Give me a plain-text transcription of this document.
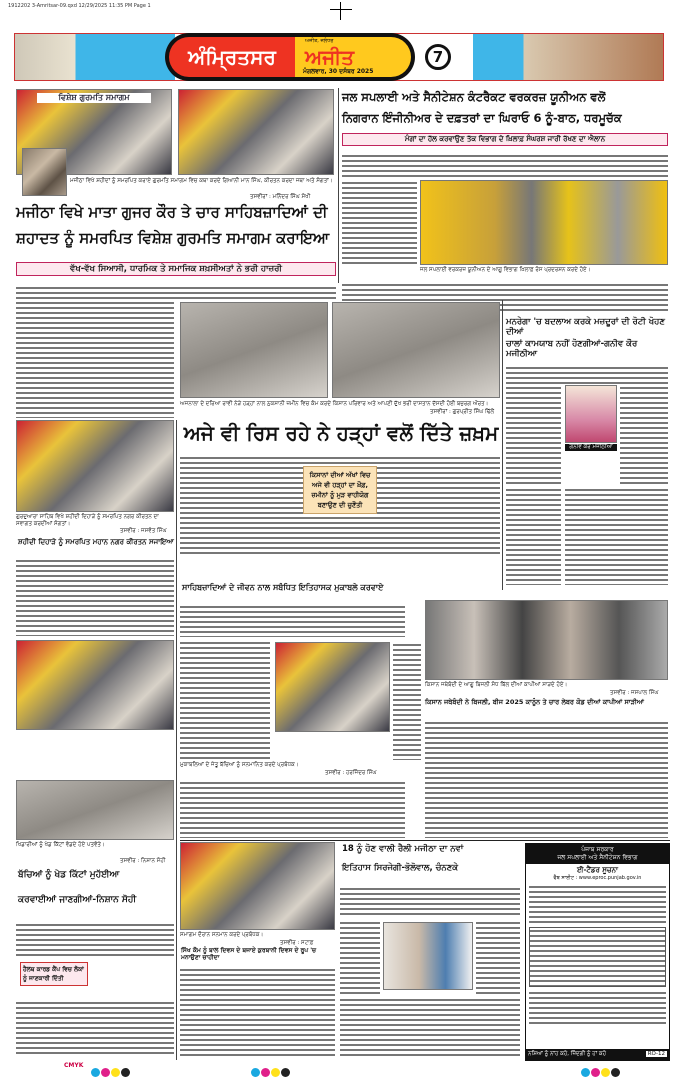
1912202 3-Amritsar-09.qxd 12/29/2025 11:35 PM Page 1
ਅੰਮ੍ਰਿਤਸਰ
ਅਜੀਤ, ਜਲੰਧਰ
ਅਜੀਤ
ਮੰਗਲਵਾਰ, 30 ਦਸੰਬਰ 2025
7
ਵਿਸ਼ੇਸ਼ ਗੁਰਮਤਿ ਸਮਾਗਮ
ਮਜੀਠਾ ਵਿਖੇ ਸ਼ਹੀਦਾਂ ਨੂੰ ਸਮਰਪਿਤ ਕਰਾਏ ਗੁਰਮਤਿ ਸਮਾਗਮ ਵਿਚ ਕਥਾ ਕਰਦੇ ਗਿਆਨੀ ਮਾਨ ਸਿੰਘ, ਕੀਰਤਨ ਕਰਦਾ ਜਥਾ ਅਤੇ ਸੰਗਤਾਂ।
ਤਸਵੀਰਾਂ : ਮਨਿੰਦਰ ਸਿੰਘ ਸੋਖੀ
ਮਜੀਠਾ ਵਿਖੇ ਮਾਤਾ ਗੁਜਰ ਕੌਰ ਤੇ ਚਾਰ ਸਾਹਿਬਜ਼ਾਦਿਆਂ ਦੀ
ਸ਼ਹਾਦਤ ਨੂੰ ਸਮਰਪਿਤ ਵਿਸ਼ੇਸ਼ ਗੁਰਮਤਿ ਸਮਾਗਮ ਕਰਾਇਆ
ਵੱਖ-ਵੱਖ ਸਿਆਸੀ, ਧਾਰਮਿਕ ਤੇ ਸਮਾਜਿਕ ਸ਼ਖ਼ਸੀਅਤਾਂ ਨੇ ਭਰੀ ਹਾਜ਼ਰੀ
ਜਲ ਸਪਲਾਈ ਅਤੇ ਸੈਨੀਟੇਸ਼ਨ ਕੰਟਰੈਕਟ ਵਰਕਰਜ਼ ਯੂਨੀਅਨ ਵਲੋਂ
ਨਿਗਰਾਨ ਇੰਜੀਨੀਅਰ ਦੇ ਦਫ਼ਤਰਾਂ ਦਾ ਘਿਰਾਓ 6 ਨੂੰ-ਬਾਠ, ਧਰਮੂਚੱਕ
ਮੰਗਾਂ ਦਾ ਹੱਲ ਕਰਵਾਉਣ ਤੱਕ ਵਿਭਾਗ ਦੇ ਖ਼ਿਲਾਫ਼ ਸੰਘਰਸ਼ ਜਾਰੀ ਰੱਖਣ ਦਾ ਐਲਾਨ
ਜਲ ਸਪਲਾਈ ਵਰਕਰਜ਼ ਯੂਨੀਅਨ ਦੇ ਆਗੂ ਵਿਭਾਗ ਖ਼ਿਲਾਫ਼ ਰੋਸ ਪ੍ਰਦਰਸ਼ਨ ਕਰਦੇ ਹੋਏ।
ਅਜਨਾਲਾ ਦੇ ਦਰਿਆ ਰਾਵੀ ਨੇੜੇ ਹੜ੍ਹਾਂ ਨਾਲ ਨੁਕਸਾਨੀ ਜ਼ਮੀਨ ਵਿਚ ਕੰਮ ਕਰਦੇ ਕਿਸਾਨ ਪਰਿਵਾਰ ਅਤੇ ਆਪਣੀ ਦੁੱਖ ਭਰੀ ਦਾਸਤਾਨ ਦੱਸਦੀ ਹੋਈ ਬਜ਼ੁਰਗ ਔਰਤ।
ਤਸਵੀਰਾਂ : ਗੁਰਪ੍ਰੀਤ ਸਿੰਘ ਢਿੱਲੋਂ
ਅਜੇ ਵੀ ਰਿਸ ਰਹੇ ਨੇ ਹੜ੍ਹਾਂ ਵਲੋਂ ਦਿੱਤੇ ਜ਼ਖ਼ਮ
ਕਿਸਾਨਾਂ ਦੀਆਂ ਅੱਖਾਂ ਵਿਚ ਅਜੇ ਵੀ ਹੜ੍ਹਾਂ ਦਾ ਖ਼ੌਫ਼, ਜ਼ਮੀਨਾਂ ਨੂੰ ਮੁੜ ਵਾਹੀਯੋਗ ਬਣਾਉਣ ਦੀ ਚੁਣੌਤੀ
ਮਨਰੇਗਾ 'ਚ ਬਦਲਾਅ ਕਰਕੇ ਮਜ਼ਦੂਰਾਂ ਦੀ ਰੋਟੀ ਖੋਹਣ ਦੀਆਂ
ਚਾਲਾਂ ਕਾਮਯਾਬ ਨਹੀਂ ਹੋਣਗੀਆਂ-ਗਨੀਵ ਕੌਰ ਮਜੀਠੀਆ
ਗਨੀਵ ਕੌਰ ਮਜੀਠੀਆ
ਗੁਰਦੁਆਰਾ ਸਾਹਿਬ ਵਿਖੇ ਸ਼ਹੀਦੀ ਦਿਹਾੜੇ ਨੂੰ ਸਮਰਪਿਤ ਨਗਰ ਕੀਰਤਨ ਦਾ ਸਵਾਗਤ ਕਰਦੀਆਂ ਸੰਗਤਾਂ।
ਤਸਵੀਰ : ਜਸਵੰਤ ਸਿੰਘ
ਸ਼ਹੀਦੀ ਦਿਹਾੜੇ ਨੂੰ ਸਮਰਪਿਤ ਮਹਾਨ ਨਗਰ ਕੀਰਤਨ ਸਜਾਇਆ
ਸਾਹਿਬਜ਼ਾਦਿਆਂ ਦੇ ਜੀਵਨ ਨਾਲ ਸਬੰਧਿਤ ਇਤਿਹਾਸਕ ਮੁਕਾਬਲੇ ਕਰਵਾਏ
ਮੁਕਾਬਲਿਆਂ ਦੇ ਜੇਤੂ ਬੱਚਿਆਂ ਨੂੰ ਸਨਮਾਨਿਤ ਕਰਦੇ ਪ੍ਰਬੰਧਕ।
ਤਸਵੀਰ : ਹਰਜਿੰਦਰ ਸਿੰਘ
ਕਿਸਾਨ ਜਥੇਬੰਦੀ ਦੇ ਆਗੂ ਬਿਜਲੀ ਸੋਧ ਬਿੱਲ ਦੀਆਂ ਕਾਪੀਆਂ ਸਾੜਦੇ ਹੋਏ।
ਤਸਵੀਰ : ਜਸਪਾਲ ਸਿੰਘ
ਕਿਸਾਨ ਜਥੇਬੰਦੀ ਨੇ ਬਿਜਲੀ, ਬੀਜ 2025 ਕਾਨੂੰਨ ਤੇ ਚਾਰ ਲੇਬਰ ਕੋਡ ਦੀਆਂ ਕਾਪੀਆਂ ਸਾੜੀਆਂ
ਖਿਡਾਰੀਆਂ ਨੂੰ ਖੇਡ ਕਿੱਟਾਂ ਵੰਡਦੇ ਹੋਏ ਪਤਵੰਤੇ।
ਤਸਵੀਰ : ਨਿਸ਼ਾਨ ਸੋਹੀ
ਬੱਚਿਆਂ ਨੂੰ ਖੇਡ ਕਿੱਟਾਂ ਮੁਹੱਈਆ
ਕਰਵਾਈਆਂ ਜਾਣਗੀਆਂ-ਨਿਸ਼ਾਨ ਸੋਹੀ
ਹੈਲਥ ਕਾਰਡ ਕੈਂਪ ਵਿਚ ਲੋਕਾਂ ਨੂੰ ਜਾਣਕਾਰੀ ਦਿੱਤੀ
ਸਮਾਗਮ ਦੌਰਾਨ ਸਨਮਾਨ ਕਰਦੇ ਪ੍ਰਬੰਧਕ।
ਤਸਵੀਰ : ਸਟਾਫ਼
ਸਿੱਖ ਕੌਮ ਨੂੰ ਬਾਲ ਦਿਵਸ ਦੇ ਬਜਾਏ ਕੁਰਬਾਨੀ ਦਿਵਸ ਦੇ ਰੂਪ 'ਚ ਮਨਾਉਣਾ ਚਾਹੀਦਾ
18 ਨੂੰ ਹੋਣ ਵਾਲੀ ਰੈਲੀ ਮਜੀਠਾ ਦਾ ਨਵਾਂ
ਇਤਿਹਾਸ ਸਿਰਜੇਗੀ-ਭੋਲੋਵਾਲ, ਚੰਨਣਕੇ
ਪੰਜਾਬ ਸਰਕਾਰ
ਜਲ ਸਪਲਾਈ ਅਤੇ ਸੈਨੀਟੇਸ਼ਨ ਵਿਭਾਗ
ਈ-ਟੈਂਡਰ ਸੂਚਨਾ
ਵੈੱਬ ਸਾਈਟ : www.eproc.punjab.gov.in
ਨਸ਼ਿਆਂ ਨੂੰ ਨਾਂਹ ਕਹੋ, ਜ਼ਿੰਦਗੀ ਨੂੰ ਹਾਂ ਕਹੋ	RO-12
CMYK
